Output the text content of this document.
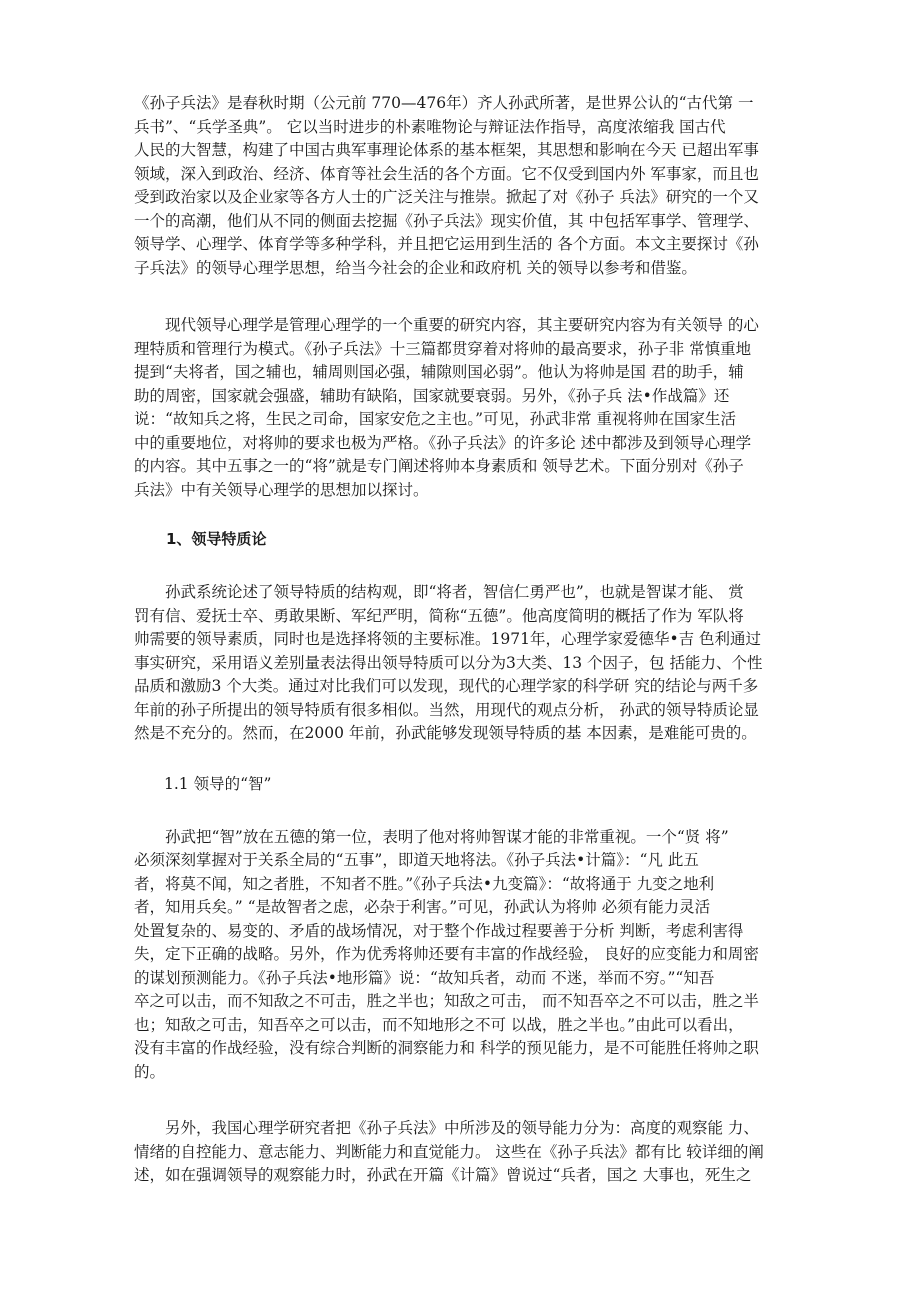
《孙子兵法》是春秋时期（公元前 770—476年）齐人孙武所著，是世界公认的“古代第 一
兵书”、“兵学圣典”。 它以当时进步的朴素唯物论与辩证法作指导，高度浓缩我 国古代
人民的大智慧，构建了中国古典军事理论体系的基本框架，其思想和影响在今天 已超出军事
领域，深入到政治、经济、体育等社会生活的各个方面。它不仅受到国内外 军事家，而且也
受到政治家以及企业家等各方人士的广泛关注与推崇。掀起了对《孙子 兵法》研究的一个又
一个的高潮，他们从不同的侧面去挖掘《孙子兵法》现实价值，其 中包括军事学、管理学、
领导学、心理学、体育学等多种学科，并且把它运用到生活的 各个方面。本文主要探讨《孙
子兵法》的领导心理学思想，给当今社会的企业和政府机 关的领导以参考和借鉴。
现代领导心理学是管理心理学的一个重要的研究内容，其主要研究内容为有关领导 的心
理特质和管理行为模式。《孙子兵法》十三篇都贯穿着对将帅的最高要求，孙子非 常慎重地
提到“夫将者，国之辅也，辅周则国必强，辅隙则国必弱”。他认为将帅是国 君的助手，辅
助的周密，国家就会强盛，辅助有缺陷，国家就要衰弱。另外，《孙子兵 法•作战篇》还
说：“故知兵之将，生民之司命，国家安危之主也。”可见，孙武非常 重视将帅在国家生活
中的重要地位，对将帅的要求也极为严格。《孙子兵法》的许多论 述中都涉及到领导心理学
的内容。其中五事之一的“将”就是专门阐述将帅本身素质和 领导艺术。下面分别对《孙子
兵法》中有关领导心理学的思想加以探讨。
1、领导特质论
孙武系统论述了领导特质的结构观，即“将者，智信仁勇严也”，也就是智谋才能、 赏
罚有信、爱抚士卒、勇敢果断、军纪严明，简称“五德”。他高度简明的概括了作为 军队将
帅需要的领导素质，同时也是选择将领的主要标准。1971年，心理学家爱德华•吉 色利通过
事实研究，采用语义差别量表法得出领导特质可以分为3大类、13 个因子，包 括能力、个性
品质和激励3 个大类。通过对比我们可以发现，现代的心理学家的科学研 究的结论与两千多
年前的孙子所提出的领导特质有很多相似。当然，用现代的观点分析， 孙武的领导特质论显
然是不充分的。然而，在2000 年前，孙武能够发现领导特质的基 本因素，是难能可贵的。
1.1 领导的“智”
孙武把“智”放在五德的第一位，表明了他对将帅智谋才能的非常重视。一个“贤 将”
必须深刻掌握对于关系全局的“五事”，即道天地将法。《孙子兵法•计篇》：“凡 此五
者，将莫不闻，知之者胜，不知者不胜。”《孙子兵法•九变篇》：“故将通于 九变之地利
者，知用兵矣。” “是故智者之虑，必杂于利害。”可见，孙武认为将帅 必须有能力灵活
处置复杂的、易变的、矛盾的战场情况，对于整个作战过程要善于分析 判断，考虑利害得
失，定下正确的战略。另外，作为优秀将帅还要有丰富的作战经验， 良好的应变能力和周密
的谋划预测能力。《孙子兵法•地形篇》说：“故知兵者，动而 不迷，举而不穷。”“知吾
卒之可以击，而不知敌之不可击，胜之半也；知敌之可击， 而不知吾卒之不可以击，胜之半
也；知敌之可击，知吾卒之可以击，而不知地形之不可 以战，胜之半也。”由此可以看出，
没有丰富的作战经验，没有综合判断的洞察能力和 科学的预见能力，是不可能胜任将帅之职
的。
另外，我国心理学研究者把《孙子兵法》中所涉及的领导能力分为：高度的观察能 力、
情绪的自控能力、意志能力、判断能力和直觉能力。 这些在《孙子兵法》都有比 较详细的阐
述，如在强调领导的观察能力时，孙武在开篇《计篇》曾说过“兵者，国之 大事也，死生之
